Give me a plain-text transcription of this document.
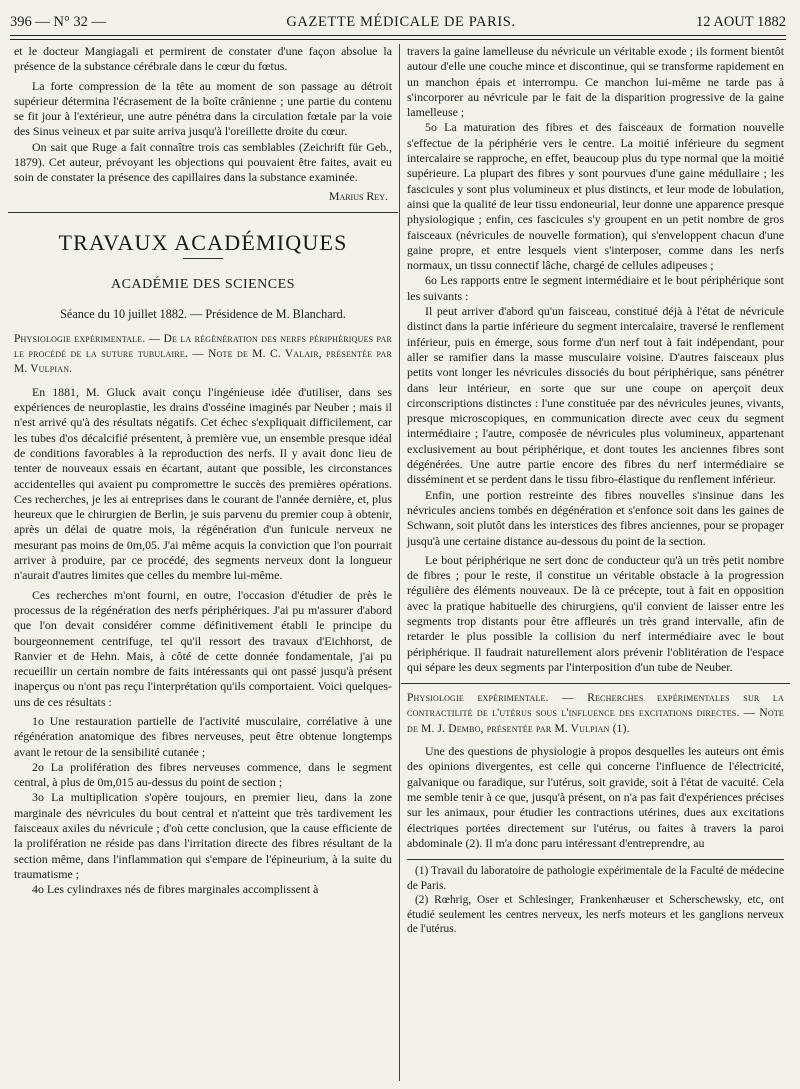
396 — N° 32 —	GAZETTE MÉDICALE DE PARIS.	12 AOUT 1882

et le docteur Mangiagali et permirent de constater d'une façon absolue la présence de la substance cérébrale dans le cœur du fœtus.

La forte compression de la tête au moment de son passage au détroit supérieur détermina l'écrasement de la boîte crânienne ; une partie du contenu se fit jour à l'extérieur, une autre pénétra dans la circulation fœtale par la voie des Sinus veineux et par suite arriva jusqu'à l'oreillette droite du cœur.

On sait que Ruge a fait connaître trois cas semblables (Zeichrift für Geb., 1879). Cet auteur, prévoyant les objections qui pouvaient être faites, avait eu soin de constater la présence des capillaires dans la substance examinée.

Marius Rey.

TRAVAUX ACADÉMIQUES

ACADÉMIE DES SCIENCES

Séance du 10 juillet 1882. — Présidence de M. Blanchard.

Physiologie expérimentale. — De la régénération des nerfs périphériques par le procédé de la suture tubulaire. — Note de M. C. Valair, présentée par M. Vulpian.

En 1881, M. Gluck avait conçu l'ingénieuse idée d'utiliser, dans ses expériences de neuroplastie, les drains d'osséine imaginés par Neuber ; mais il n'est arrivé qu'à des résultats négatifs. Cet échec s'expliquait difficilement, car les tubes d'os décalcifié présentent, à première vue, un ensemble presque idéal de conditions favorables à la reproduction des nerfs. Il y avait donc lieu de tenter de nouveaux essais en écartant, autant que possible, les circonstances accidentelles qui avaient pu compromettre le succès des premières opérations. Ces recherches, je les ai entreprises dans le courant de l'année dernière, et, plus heureux que le chirurgien de Berlin, je suis parvenu du premier coup à obtenir, après un délai de quatre mois, la régénération d'un funicule nerveux ne mesurant pas moins de 0m,05. J'ai même acquis la conviction que l'on pourrait arriver à produire, par ce procédé, des segments nerveux dont la longueur n'aurait d'autres limites que celles du membre lui-même.

Ces recherches m'ont fourni, en outre, l'occasion d'étudier de près le processus de la régénération des nerfs périphériques. J'ai pu m'assurer d'abord que l'on devait considérer comme définitivement établi le principe du bourgeonnement centrifuge, tel qu'il ressort des travaux d'Eichhorst, de Ranvier et de Hehn. Mais, à côté de cette donnée fondamentale, j'ai pu recueillir un certain nombre de faits intéressants qui ont passé jusqu'à présent inaperçus ou n'ont pas reçu l'interprétation qu'ils comportaient. Voici quelques-uns de ces résultats :

1o Une restauration partielle de l'activité musculaire, corrélative à une régénération anatomique des fibres nerveuses, peut être obtenue longtemps avant le retour de la sensibilité cutanée ;

2o La prolifération des fibres nerveuses commence, dans le segment central, à plus de 0m,015 au-dessus du point de section ;

3o La multiplication s'opère toujours, en premier lieu, dans la zone marginale des névricules du bout central et n'atteint que très tardivement les faisceaux axiles du névricule ; d'où cette conclusion, que la cause efficiente de la prolifération ne réside pas dans l'irritation directe des fibres résultant de la section même, dans l'inflammation qui s'empare de l'épineurium, à la suite du traumatisme ;

4o Les cylindraxes nés de fibres marginales accomplissent à

travers la gaine lamelleuse du névricule un véritable exode ; ils forment bientôt autour d'elle une couche mince et discontinue, qui se transforme rapidement en un manchon épais et interrompu. Ce manchon lui-même ne tarde pas à s'incorporer au névricule par le fait de la disparition progressive de la gaine lamelleuse ;

5o La maturation des fibres et des faisceaux de formation nouvelle s'effectue de la périphérie vers le centre. La moitié inférieure du segment intercalaire se rapproche, en effet, beaucoup plus du type normal que la moitié supérieure. La plupart des fibres y sont pourvues d'une gaine médullaire ; les fascicules y sont plus volumineux et plus distincts, et leur mode de lobulation, ainsi que la qualité de leur tissu endoneurial, leur donne une apparence presque physiologique ; enfin, ces fascicules s'y groupent en un petit nombre de gros faisceaux (névricules de nouvelle formation), qui s'enveloppent chacun d'une gaine propre, et entre lesquels vient s'interposer, comme dans les nerfs normaux, un tissu connectif lâche, chargé de cellules adipeuses ;

6o Les rapports entre le segment intermédiaire et le bout périphérique sont les suivants :

Il peut arriver d'abord qu'un faisceau, constitué déjà à l'état de névricule distinct dans la partie inférieure du segment intercalaire, traversé le renflement inférieur, puis en émerge, sous forme d'un nerf tout à fait indépendant, pour aller se ramifier dans la masse musculaire voisine. D'autres faisceaux plus petits vont longer les névricules dissociés du bout périphérique, sans pénétrer dans leur intérieur, en sorte que sur une coupe on aperçoit deux circonscriptions distinctes : l'une constituée par des névricules jeunes, vivants, presque microscopiques, en communication directe avec ceux du segment intermédiaire ; l'autre, composée de névricules plus volumineux, appartenant exclusivement au bout périphérique, et dont toutes les anciennes fibres sont dégénérées. Une autre partie encore des fibres du nerf intermédiaire se disséminent et se perdent dans le tissu fibro-élastique du renflement inférieur.

Enfin, une portion restreinte des fibres nouvelles s'insinue dans les névricules anciens tombés en dégénération et s'enfonce soit dans les gaines de Schwann, soit plutôt dans les interstices des fibres anciennes, pour se propager jusqu'à une certaine distance au-dessous du point de la section.

Le bout périphérique ne sert donc de conducteur qu'à un très petit nombre de fibres ; pour le reste, il constitue un véritable obstacle à la progression régulière des éléments nouveaux. De là ce précepte, tout à fait en opposition avec la pratique habituelle des chirurgiens, qu'il convient de laisser entre les segments trop distants pour être affleurés un très grand intervalle, afin de retarder le plus possible la collision du nerf intermédiaire avec le bout périphérique. Il faudrait naturellement alors prévenir l'oblitération de l'espace qui sépare les deux segments par l'interposition d'un tube de Neuber.

Physiologie expérimentale. — Recherches expérimentales sur la contractilité de l'utérus sous l'influence des excitations directes. — Note de M. J. Dembo, présentée par M. Vulpian (1).

Une des questions de physiologie à propos desquelles les auteurs ont émis des opinions divergentes, est celle qui concerne l'influence de l'électricité, galvanique ou faradique, sur l'utérus, soit gravide, soit à l'état de vacuité. Cela me semble tenir à ce que, jusqu'à présent, on n'a pas fait d'expériences précises sur les animaux, pour étudier les contractions utérines, dues aux excitations électriques portées directement sur l'utérus, ou faites à travers la paroi abdominale (2). Il m'a donc paru intéressant d'entreprendre, au

(1) Travail du laboratoire de pathologie expérimentale de la Faculté de médecine de Paris.

(2) Rœhrig, Oser et Schlesinger, Frankenhæuser et Scherschewsky, etc, ont étudié seulement les centres nerveux, les nerfs moteurs et les ganglions nerveux de l'utérus.
